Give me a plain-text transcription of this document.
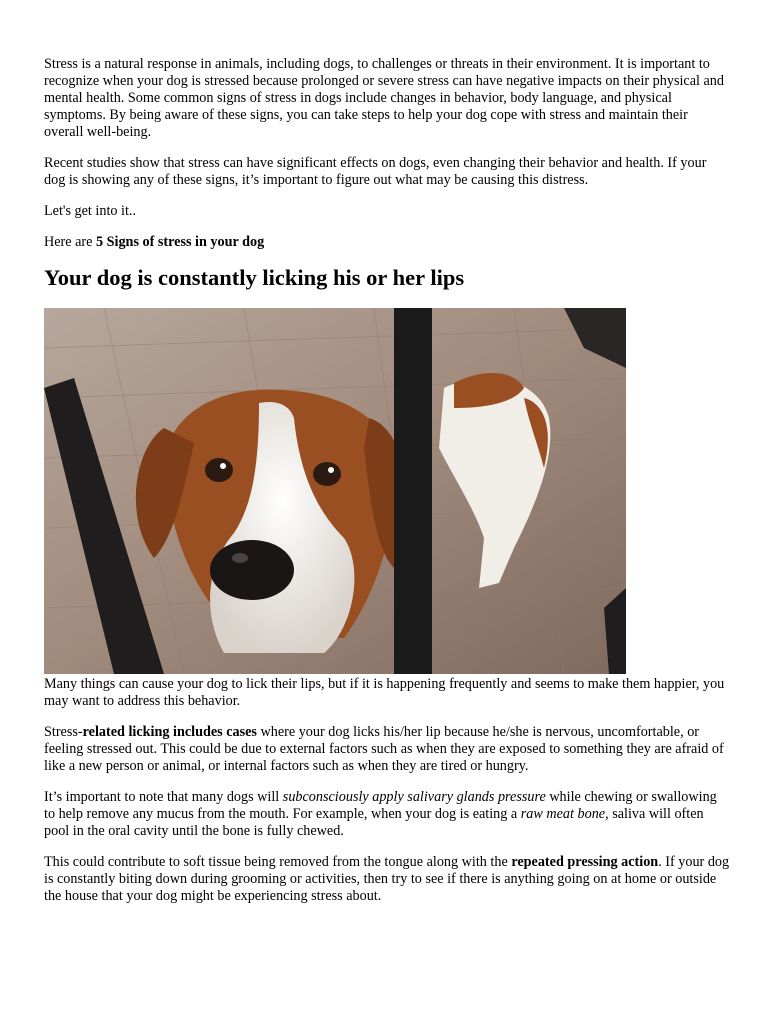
Stress is a natural response in animals, including dogs, to challenges or threats in their environment. It is important to recognize when your dog is stressed because prolonged or severe stress can have negative impacts on their physical and mental health. Some common signs of stress in dogs include changes in behavior, body language, and physical symptoms. By being aware of these signs, you can take steps to help your dog cope with stress and maintain their overall well-being.

Recent studies show that stress can have significant effects on dogs, even changing their behavior and health. If your dog is showing any of these signs, it’s important to figure out what may be causing this distress.

Let's get into it..

Here are 5 Signs of stress in your dog

Your dog is constantly licking his or her lips

Many things can cause your dog to lick their lips, but if it is happening frequently and seems to make them happier, you may want to address this behavior.

Stress-related licking includes cases where your dog licks his/her lip because he/she is nervous, uncomfortable, or feeling stressed out. This could be due to external factors such as when they are exposed to something they are afraid of like a new person or animal, or internal factors such as when they are tired or hungry.

It’s important to note that many dogs will subconsciously apply salivary glands pressure while chewing or swallowing to help remove any mucus from the mouth. For example, when your dog is eating a raw meat bone, saliva will often pool in the oral cavity until the bone is fully chewed.

This could contribute to soft tissue being removed from the tongue along with the repeated pressing action. If your dog is constantly biting down during grooming or activities, then try to see if there is anything going on at home or outside the house that your dog might be experiencing stress about.
